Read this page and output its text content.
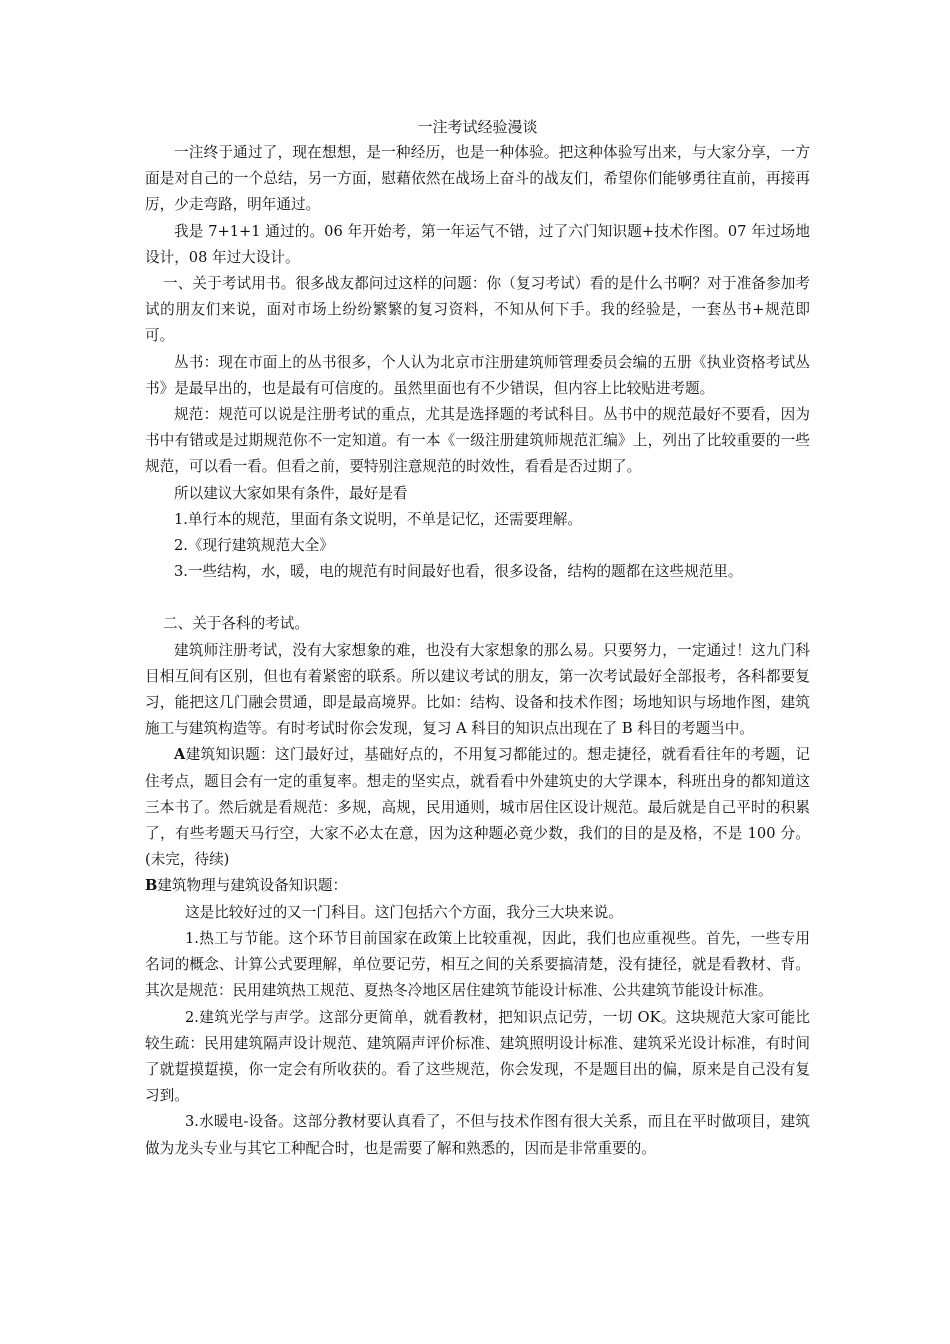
一注考试经验漫谈

一注终于通过了，现在想想，是一种经历，也是一种体验。把这种体验写出来，与大家分享，一方面是对自己的一个总结，另一方面，慰藉依然在战场上奋斗的战友们，希望你们能够勇往直前，再接再厉，少走弯路，明年通过。

我是 7+1+1 通过的。06 年开始考，第一年运气不错，过了六门知识题+技术作图。07 年过场地设计，08 年过大设计。

一、关于考试用书。很多战友都问过这样的问题：你（复习考试）看的是什么书啊？对于准备参加考试的朋友们来说，面对市场上纷纷繁繁的复习资料，不知从何下手。我的经验是，一套丛书+规范即可。

丛书：现在市面上的丛书很多，个人认为北京市注册建筑师管理委员会编的五册《执业资格考试丛书》是最早出的，也是最有可信度的。虽然里面也有不少错误，但内容上比较贴进考题。

规范：规范可以说是注册考试的重点，尤其是选择题的考试科目。丛书中的规范最好不要看，因为书中有错或是过期规范你不一定知道。有一本《一级注册建筑师规范汇编》上，列出了比较重要的一些规范，可以看一看。但看之前，要特别注意规范的时效性，看看是否过期了。

所以建议大家如果有条件，最好是看

1.单行本的规范，里面有条文说明，不单是记忆，还需要理解。

2.《现行建筑规范大全》

3.一些结构，水，暖，电的规范有时间最好也看，很多设备，结构的题都在这些规范里。

二、关于各科的考试。

建筑师注册考试，没有大家想象的难，也没有大家想象的那么易。只要努力，一定通过！这九门科目相互间有区别，但也有着紧密的联系。所以建议考试的朋友，第一次考试最好全部报考，各科都要复习，能把这几门融会贯通，即是最高境界。比如：结构、设备和技术作图；场地知识与场地作图，建筑施工与建筑构造等。有时考试时你会发现，复习 A 科目的知识点出现在了 B 科目的考题当中。

A建筑知识题：这门最好过，基础好点的，不用复习都能过的。想走捷径，就看看往年的考题，记住考点，题目会有一定的重复率。想走的坚实点，就看看中外建筑史的大学课本，科班出身的都知道这三本书了。然后就是看规范：多规，高规，民用通则，城市居住区设计规范。最后就是自己平时的积累了，有些考题天马行空，大家不必太在意，因为这种题必竟少数，我们的目的是及格，不是 100 分。(未完，待续)

B建筑物理与建筑设备知识题：

这是比较好过的又一门科目。这门包括六个方面，我分三大块来说。

1.热工与节能。这个环节目前国家在政策上比较重视，因此，我们也应重视些。首先，一些专用名词的概念、计算公式要理解，单位要记劳，相互之间的关系要搞清楚，没有捷径，就是看教材、背。其次是规范：民用建筑热工规范、夏热冬冷地区居住建筑节能设计标准、公共建筑节能设计标准。

2.建筑光学与声学。这部分更简单，就看教材，把知识点记劳，一切 OK。这块规范大家可能比较生疏：民用建筑隔声设计规范、建筑隔声评价标准、建筑照明设计标准、建筑采光设计标准，有时间了就踅摸踅摸，你一定会有所收获的。看了这些规范，你会发现，不是题目出的偏，原来是自己没有复习到。

3.水暖电-设备。这部分教材要认真看了，不但与技术作图有很大关系，而且在平时做项目，建筑做为龙头专业与其它工种配合时，也是需要了解和熟悉的，因而是非常重要的。
